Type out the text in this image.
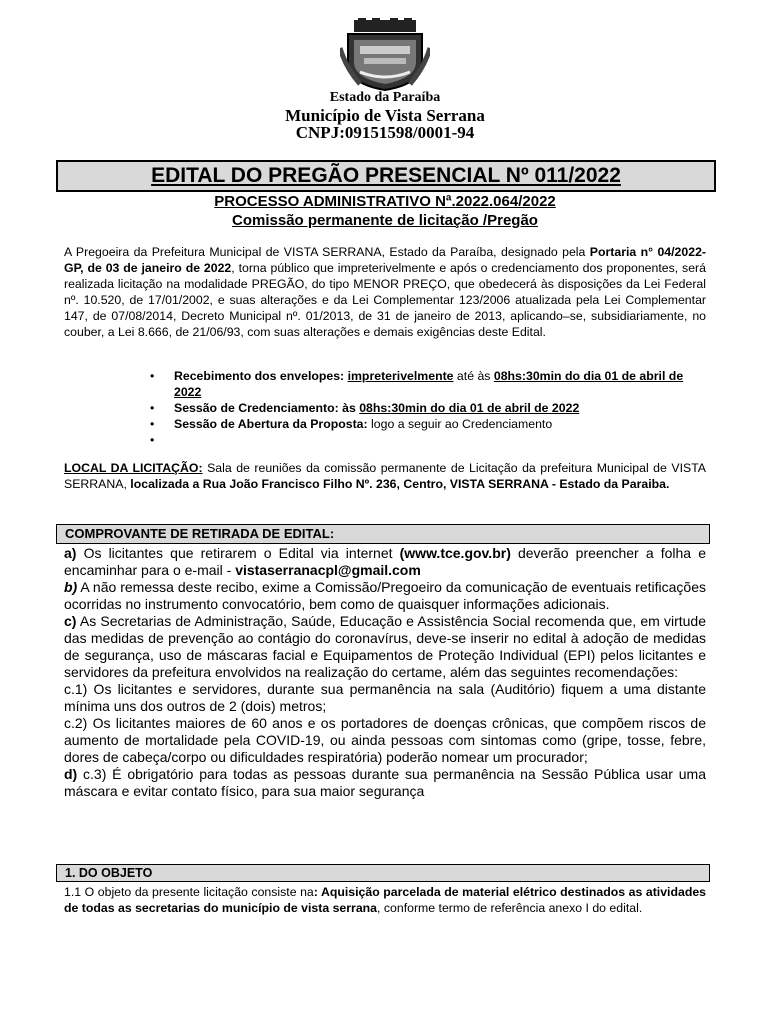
Estado da Paraíba
Município de Vista Serrana
CNPJ:09151598/0001-94
EDITAL DO PREGÃO PRESENCIAL Nº 011/2022
PROCESSO ADMINISTRATIVO Nª.2022.064/2022
Comissão permanente de licitação /Pregão
A Pregoeira da Prefeitura Municipal de VISTA SERRANA, Estado da Paraíba, designado pela Portaria n° 04/2022- GP, de 03 de janeiro de 2022, torna público que impreterivelmente e após o credenciamento dos proponentes, será realizada licitação na modalidade PREGÃO, do tipo MENOR PREÇO, que obedecerá às disposições da Lei Federal nº. 10.520, de 17/01/2002, e suas alterações e da Lei Complementar 123/2006 atualizada pela Lei Complementar 147, de 07/08/2014, Decreto Municipal nº. 01/2013, de 31 de janeiro de 2013, aplicando–se, subsidiariamente, no couber, a Lei 8.666, de 21/06/93, com suas alterações e demais exigências deste Edital.
• Recebimento dos envelopes: impreterivelmente até às 08hs:30min do dia 01 de abril de 2022
• Sessão de Credenciamento: às 08hs:30min do dia 01 de abril de 2022
• Sessão de Abertura da Proposta: logo a seguir ao Credenciamento
•
LOCAL DA LICITAÇÃO: Sala de reuniões da comissão permanente de Licitação da prefeitura Municipal de VISTA SERRANA, localizada a Rua João Francisco Filho Nº. 236, Centro, VISTA SERRANA - Estado da Paraiba.
COMPROVANTE DE RETIRADA DE EDITAL:

a) Os licitantes que retirarem o Edital via internet (www.tce.gov.br) deverão preencher a folha e encaminhar para o e-mail - vistaserranacpl@gmail.com

b) A não remessa deste recibo, exime a Comissão/Pregoeiro da comunicação de eventuais retificações ocorridas no instrumento convocatório, bem como de quaisquer informações adicionais.

c) As Secretarias de Administração, Saúde, Educação e Assistência Social recomenda que, em virtude das medidas de prevenção ao contágio do coronavírus, deve-se inserir no edital à adoção de medidas de segurança, uso de máscaras facial e Equipamentos de Proteção Individual (EPI) pelos licitantes e servidores da prefeitura envolvidos na realização do certame, além das seguintes recomendações:

c.1) Os licitantes e servidores, durante sua permanência na sala (Auditório) fiquem a uma distante mínima uns dos outros de 2 (dois) metros;

c.2) Os licitantes maiores de 60 anos e os portadores de doenças crônicas, que compõem riscos de aumento de mortalidade pela COVID-19, ou ainda pessoas com sintomas como (gripe, tosse, febre, dores de cabeça/corpo ou dificuldades respiratória) poderão nomear um procurador;

d) c.3) É obrigatório para todas as pessoas durante sua permanência na Sessão Pública usar uma máscara e evitar contato físico, para sua maior segurança

1. DO OBJETO
1.1 O objeto da presente licitação consiste na: Aquisição parcelada de material elétrico destinados as atividades de todas as secretarias do município de vista serrana, conforme termo de referência anexo I do edital.
